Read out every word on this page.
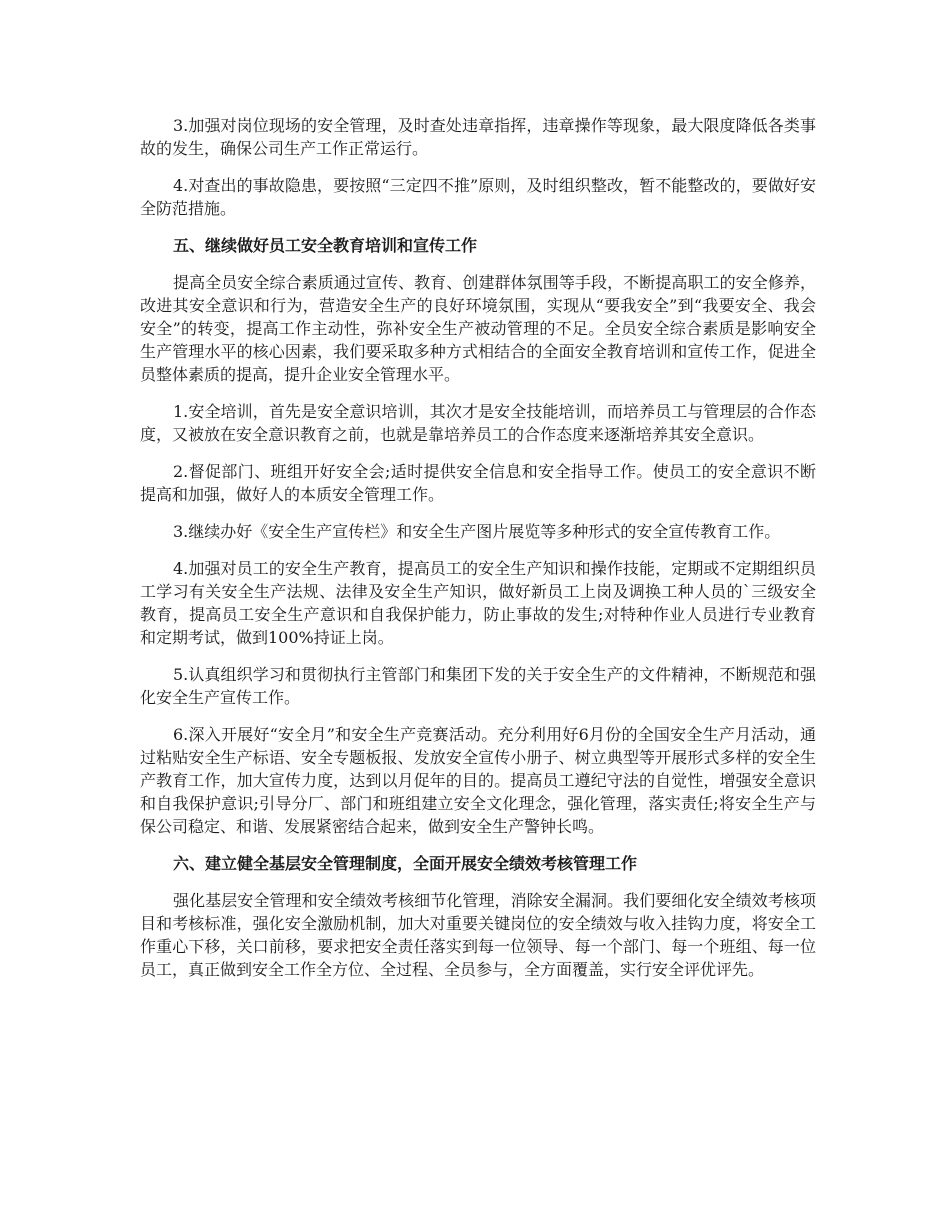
3.加强对岗位现场的安全管理，及时查处违章指挥，违章操作等现象，最大限度降低各类事故的发生，确保公司生产工作正常运行。

4.对查出的事故隐患，要按照“三定四不推”原则，及时组织整改，暂不能整改的，要做好安全防范措施。

五、继续做好员工安全教育培训和宣传工作

提高全员安全综合素质通过宣传、教育、创建群体氛围等手段，不断提高职工的安全修养，改进其安全意识和行为，营造安全生产的良好环境氛围，实现从“要我安全”到“我要安全、我会安全”的转变，提高工作主动性，弥补安全生产被动管理的不足。全员安全综合素质是影响安全生产管理水平的核心因素，我们要采取多种方式相结合的全面安全教育培训和宣传工作，促进全员整体素质的提高，提升企业安全管理水平。

1.安全培训，首先是安全意识培训，其次才是安全技能培训，而培养员工与管理层的合作态度，又被放在安全意识教育之前，也就是靠培养员工的合作态度来逐渐培养其安全意识。

2.督促部门、班组开好安全会;适时提供安全信息和安全指导工作。使员工的安全意识不断提高和加强，做好人的本质安全管理工作。

3.继续办好《安全生产宣传栏》和安全生产图片展览等多种形式的安全宣传教育工作。

4.加强对员工的安全生产教育，提高员工的安全生产知识和操作技能，定期或不定期组织员工学习有关安全生产法规、法律及安全生产知识，做好新员工上岗及调换工种人员的`三级安全教育，提高员工安全生产意识和自我保护能力，防止事故的发生;对特种作业人员进行专业教育和定期考试，做到100%持证上岗。

5.认真组织学习和贯彻执行主管部门和集团下发的关于安全生产的文件精神，不断规范和强化安全生产宣传工作。

6.深入开展好“安全月”和安全生产竞赛活动。充分利用好6月份的全国安全生产月活动，通过粘贴安全生产标语、安全专题板报、发放安全宣传小册子、树立典型等开展形式多样的安全生产教育工作，加大宣传力度，达到以月促年的目的。提高员工遵纪守法的自觉性，增强安全意识和自我保护意识;引导分厂、部门和班组建立安全文化理念，强化管理，落实责任;将安全生产与保公司稳定、和谐、发展紧密结合起来，做到安全生产警钟长鸣。

六、建立健全基层安全管理制度，全面开展安全绩效考核管理工作

强化基层安全管理和安全绩效考核细节化管理，消除安全漏洞。我们要细化安全绩效考核项目和考核标准，强化安全激励机制，加大对重要关键岗位的安全绩效与收入挂钩力度，将安全工作重心下移，关口前移，要求把安全责任落实到每一位领导、每一个部门、每一个班组、每一位员工，真正做到安全工作全方位、全过程、全员参与，全方面覆盖，实行安全评优评先。
